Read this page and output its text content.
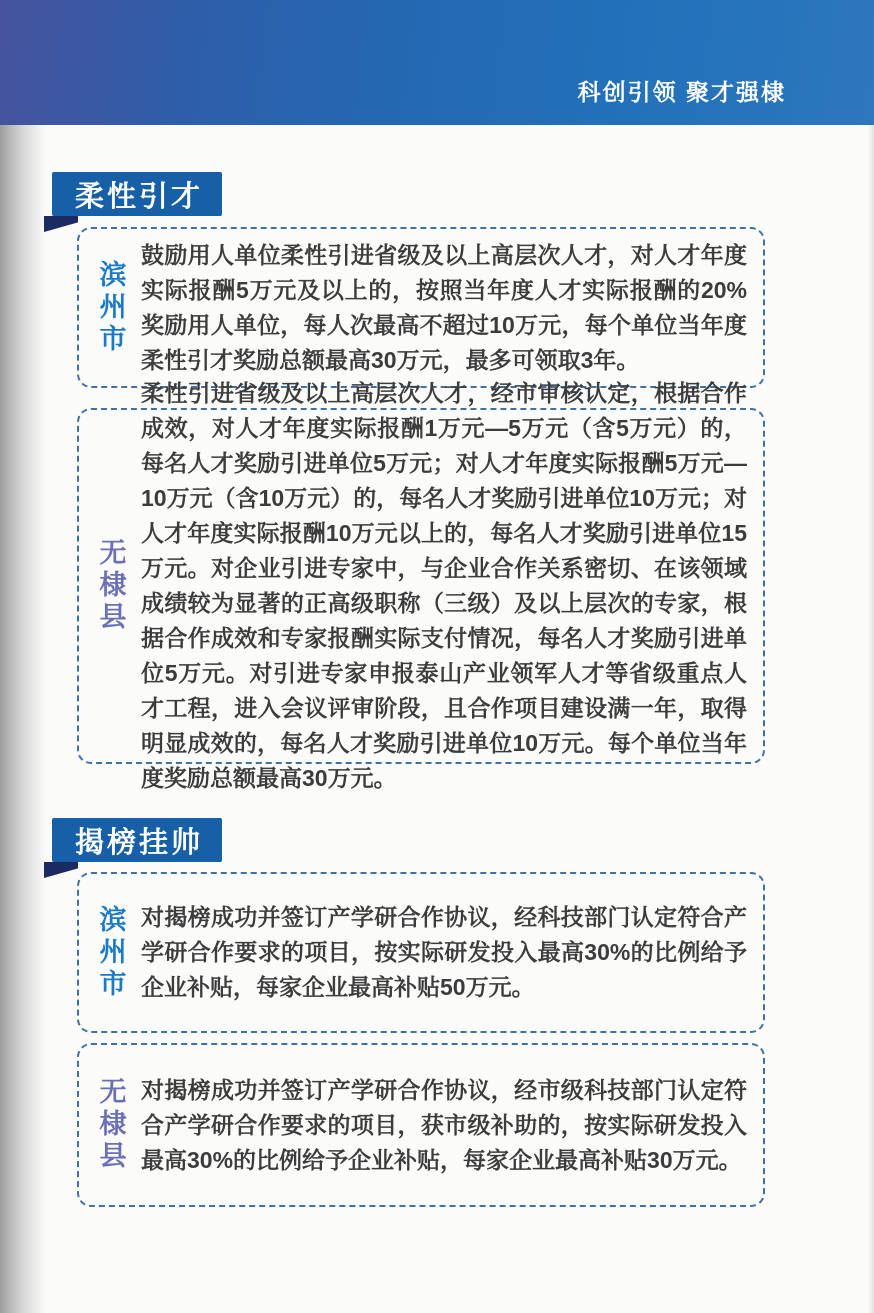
科创引领 聚才强棣
柔性引才
滨州市

鼓励用人单位柔性引进省级及以上高层次人才，对人才年度实际报酬5万元及以上的，按照当年度人才实际报酬的20%奖励用人单位，每人次最高不超过10万元，每个单位当年度柔性引才奖励总额最高30万元，最多可领取3年。

无棣县

柔性引进省级及以上高层次人才，经市审核认定，根据合作成效，对人才年度实际报酬1万元—5万元（含5万元）的，每名人才奖励引进单位5万元；对人才年度实际报酬5万元—10万元（含10万元）的，每名人才奖励引进单位10万元；对人才年度实际报酬10万元以上的，每名人才奖励引进单位15万元。对企业引进专家中，与企业合作关系密切、在该领域成绩较为显著的正高级职称（三级）及以上层次的专家，根据合作成效和专家报酬实际支付情况，每名人才奖励引进单位5万元。对引进专家申报泰山产业领军人才等省级重点人才工程，进入会议评审阶段，且合作项目建设满一年，取得明显成效的，每名人才奖励引进单位10万元。每个单位当年度奖励总额最高30万元。

揭榜挂帅
滨州市 对揭榜成功并签订产学研合作协议，经科技部门认定符合产学研合作要求的项目，按实际研发投入最高30%的比例给予企业补贴，每家企业最高补贴50万元。

无棣县 对揭榜成功并签订产学研合作协议，经市级科技部门认定符合产学研合作要求的项目，获市级补助的，按实际研发投入最高30%的比例给予企业补贴，每家企业最高补贴30万元。
